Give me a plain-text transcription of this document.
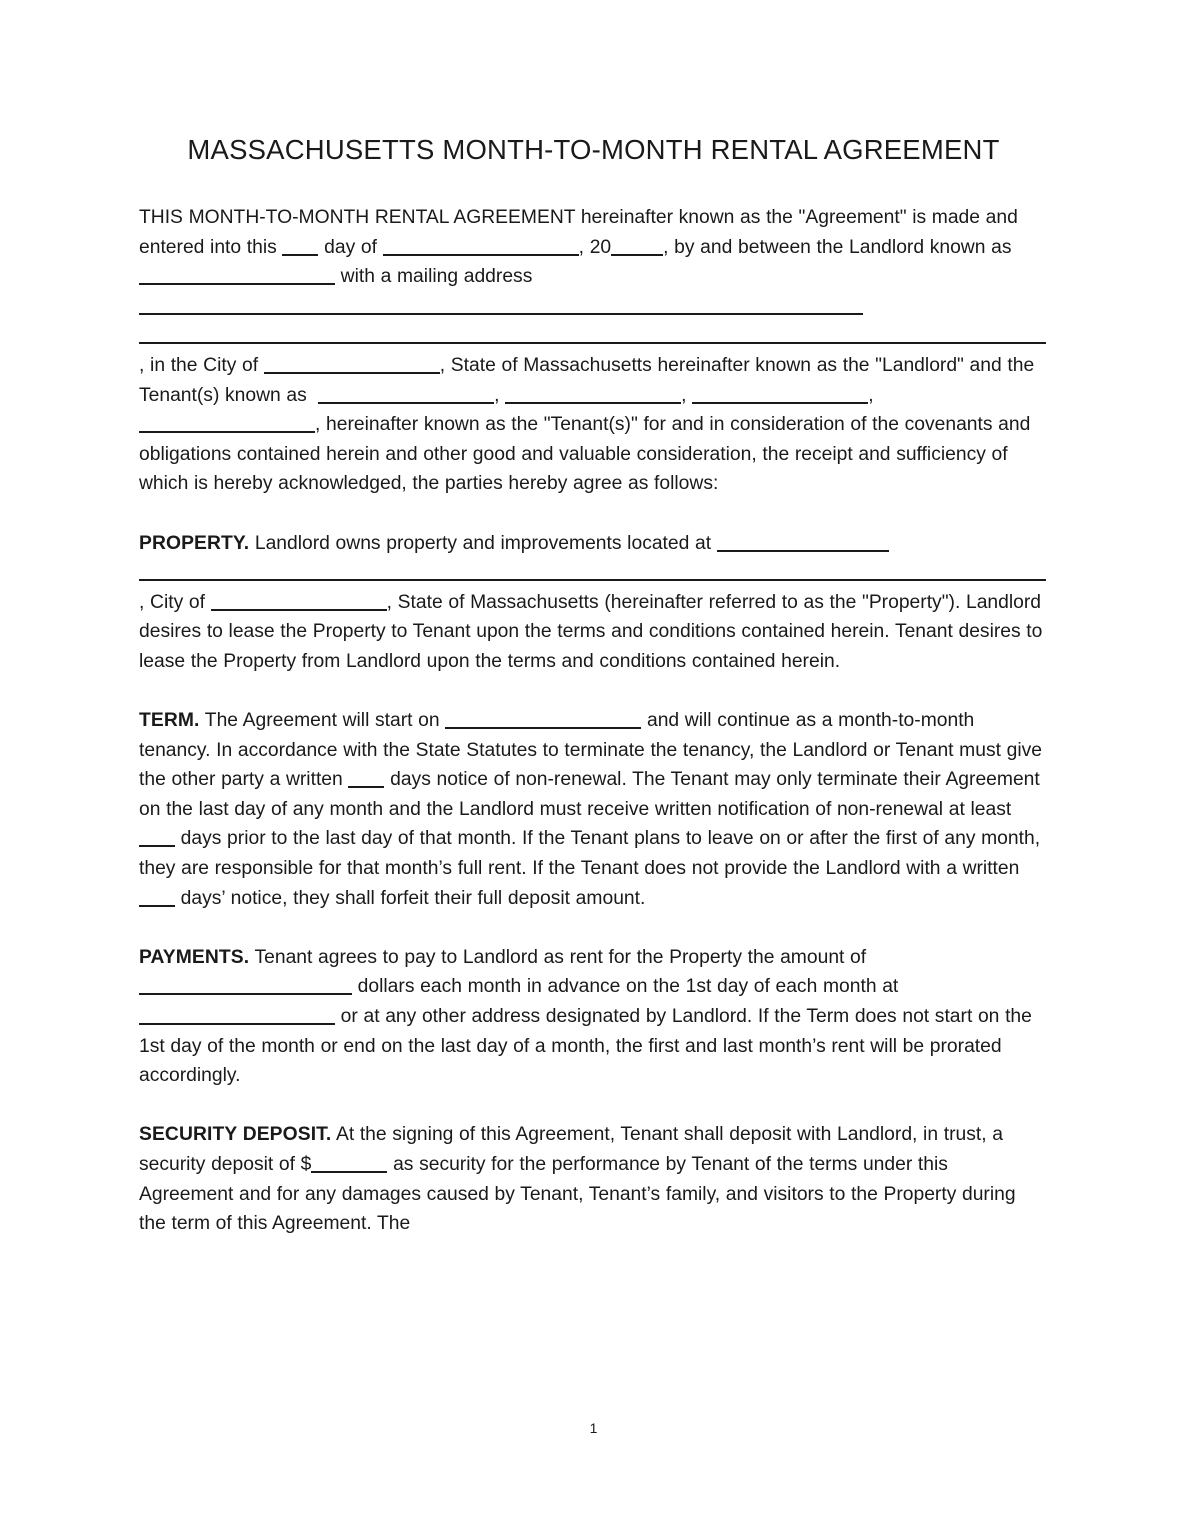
MASSACHUSETTS MONTH-TO-MONTH RENTAL AGREEMENT

THIS MONTH-TO-MONTH RENTAL AGREEMENT hereinafter known as the "Agreement" is made and entered into this day of	, 20	, by and between the Landlord known as  with a mailing address  , in the City of	, State of Massachusetts hereinafter known as the "Landlord" and the Tenant(s) known as	,	,	, , hereinafter known as the "Tenant(s)" for and in consideration of the covenants and obligations contained herein and other good and valuable consideration, the receipt and sufficiency of which is hereby acknowledged, the parties hereby agree as follows:

PROPERTY. Landlord owns property and improvements located at  , City of	, State of Massachusetts (hereinafter referred to as the "Property"). Landlord desires to lease the Property to Tenant upon the terms and conditions contained herein. Tenant desires to lease the Property from Landlord upon the terms and conditions contained herein.

TERM. The Agreement will start on	and will continue as a month-to-month tenancy. In accordance with the State Statutes to terminate the tenancy, the Landlord or Tenant must give the other party a written days notice of non-renewal. The Tenant may only terminate their Agreement on the last day of any month and the Landlord must receive written notification of non-renewal at least  days prior to the last day of that month. If the Tenant plans to leave on or after the first of any month, they are responsible for that month’s full rent. If the Tenant does not provide the Landlord with a written  days’ notice, they shall forfeit their full deposit amount.

PAYMENTS. Tenant agrees to pay to Landlord as rent for the Property the amount of  dollars each month in advance on the 1st day of each month at  or at any other address designated by Landlord. If the Term does not start on the 1st day of the month or end on the last day of a month, the first and last month’s rent will be prorated accordingly.

SECURITY DEPOSIT. At the signing of this Agreement, Tenant shall deposit with Landlord, in trust, a security deposit of $	as security for the performance by Tenant of the terms under this Agreement and for any damages caused by Tenant, Tenant’s family, and visitors to the Property during the term of this Agreement. The

1
